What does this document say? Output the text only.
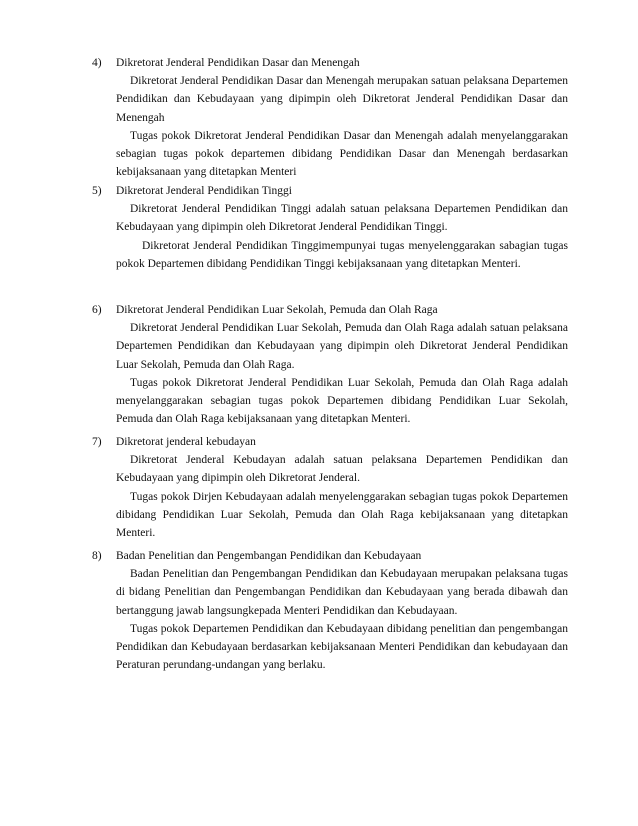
4) Dikretorat Jenderal Pendidikan Dasar dan Menengah
Dikretorat Jenderal Pendidikan Dasar dan Menengah merupakan satuan pelaksana Departemen Pendidikan dan Kebudayaan yang dipimpin oleh Dikretorat Jenderal Pendidikan Dasar dan Menengah
Tugas pokok Dikretorat Jenderal Pendidikan Dasar dan Menengah adalah menyelanggarakan sebagian tugas pokok departemen dibidang Pendidikan Dasar dan Menengah berdasarkan kebijaksanaan yang ditetapkan Menteri
5) Dikretorat Jenderal Pendidikan Tinggi
Dikretorat Jenderal Pendidikan Tinggi adalah satuan pelaksana Departemen Pendidikan dan Kebudayaan yang dipimpin oleh Dikretorat Jenderal Pendidikan Tinggi.
Dikretorat Jenderal Pendidikan Tinggimempunyai tugas menyelenggarakan sabagian tugas pokok Departemen dibidang Pendidikan Tinggi kebijaksanaan yang ditetapkan Menteri.
6) Dikretorat Jenderal Pendidikan Luar Sekolah, Pemuda dan Olah Raga
Dikretorat Jenderal Pendidikan Luar Sekolah, Pemuda dan Olah Raga adalah satuan pelaksana Departemen Pendidikan dan Kebudayaan yang dipimpin oleh Dikretorat Jenderal Pendidikan Luar Sekolah, Pemuda dan Olah Raga.
Tugas pokok Dikretorat Jenderal Pendidikan Luar Sekolah, Pemuda dan Olah Raga adalah menyelanggarakan sebagian tugas pokok Departemen dibidang Pendidikan Luar Sekolah, Pemuda dan Olah Raga kebijaksanaan yang ditetapkan Menteri.
7) Dikretorat jenderal kebudayan
Dikretorat Jenderal Kebudayan adalah satuan pelaksana Departemen Pendidikan dan Kebudayaan yang dipimpin oleh Dikretorat Jenderal.
Tugas pokok Dirjen Kebudayaan adalah menyelenggarakan sebagian tugas pokok Departemen dibidang Pendidikan Luar Sekolah, Pemuda dan Olah Raga kebijaksanaan yang ditetapkan Menteri.
8) Badan Penelitian dan Pengembangan Pendidikan dan Kebudayaan
Badan Penelitian dan Pengembangan Pendidikan dan Kebudayaan merupakan pelaksana tugas di bidang Penelitian dan Pengembangan Pendidikan dan Kebudayaan yang berada dibawah dan bertanggung jawab langsungkepada Menteri Pendidikan dan Kebudayaan.
Tugas pokok Departemen Pendidikan dan Kebudayaan dibidang penelitian dan pengembangan Pendidikan dan Kebudayaan berdasarkan kebijaksanaan Menteri Pendidikan dan kebudayaan dan Peraturan perundang-undangan yang berlaku.
